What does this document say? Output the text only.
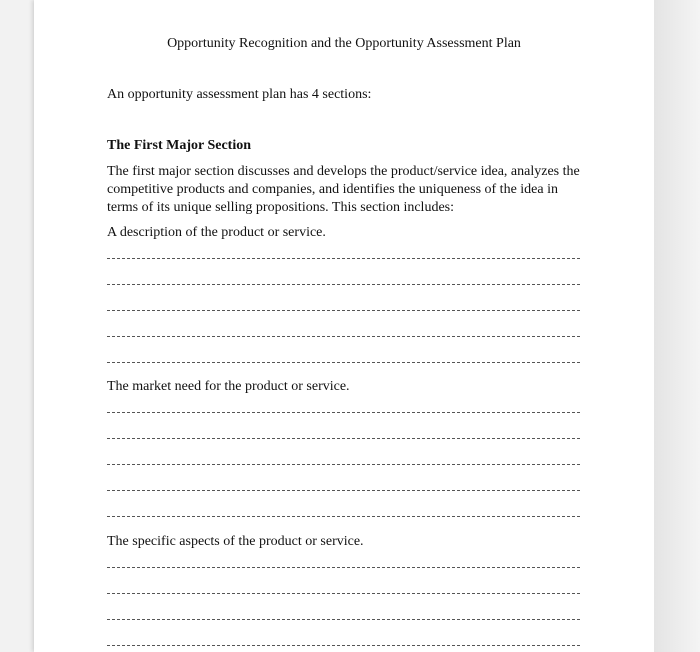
Opportunity Recognition and the Opportunity Assessment Plan

An opportunity assessment plan has 4 sections:

The First Major Section

The first major section discusses and develops the product/service idea, analyzes the competitive products and companies, and identifies the uniqueness of the idea in terms of its unique selling propositions. This section includes:

A description of the product or service.

The market need for the product or service.

The specific aspects of the product or service.
